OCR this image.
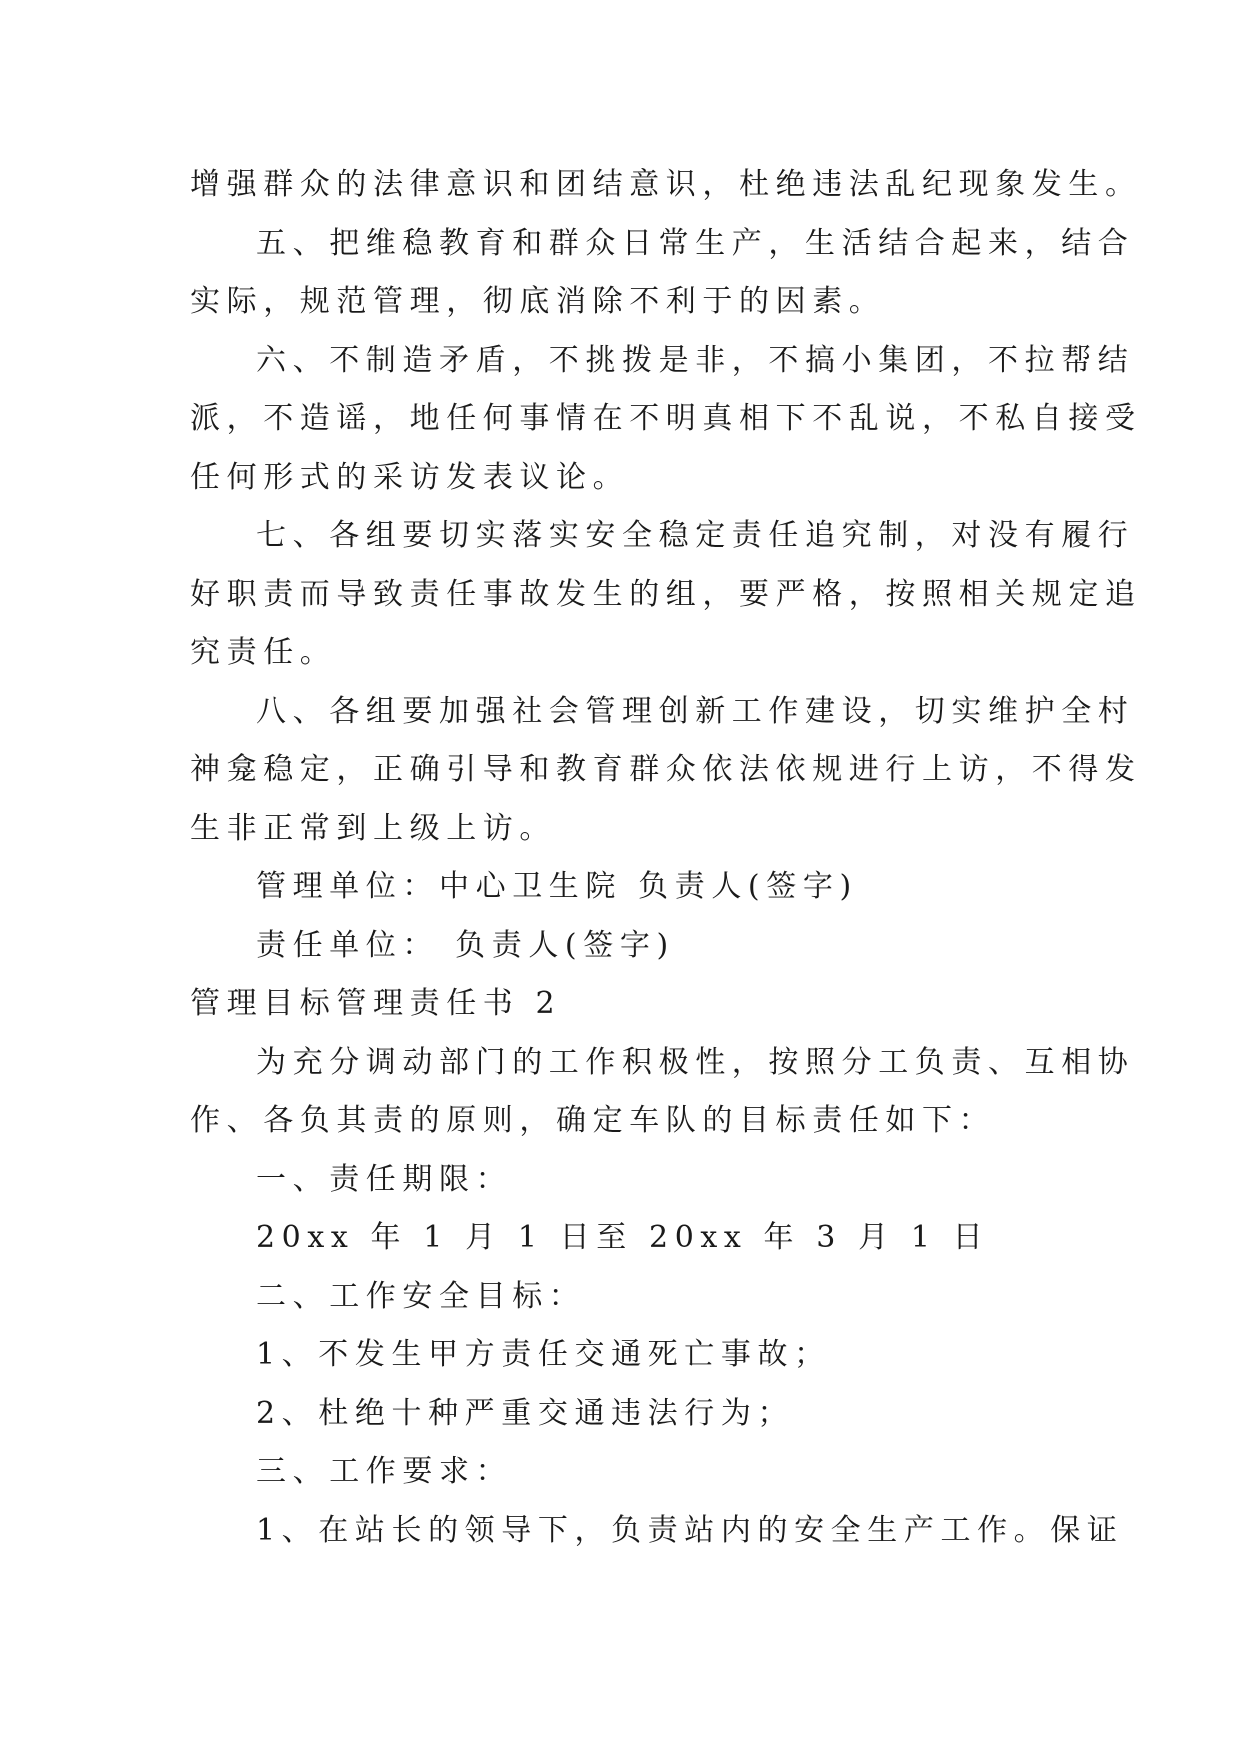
增强群众的法律意识和团结意识，杜绝违法乱纪现象发生。
五、把维稳教育和群众日常生产，生活结合起来，结合
实际，规范管理，彻底消除不利于的因素。
六、不制造矛盾，不挑拨是非，不搞小集团，不拉帮结
派，不造谣，地任何事情在不明真相下不乱说，不私自接受
任何形式的采访发表议论。
七、各组要切实落实安全稳定责任追究制，对没有履行
好职责而导致责任事故发生的组，要严格，按照相关规定追
究责任。
八、各组要加强社会管理创新工作建设，切实维护全村
神龛稳定，正确引导和教育群众依法依规进行上访，不得发
生非正常到上级上访。
管理单位：中心卫生院 负责人(签字)
责任单位： 负责人(签字)
管理目标管理责任书 2
为充分调动部门的工作积极性，按照分工负责、互相协
作、各负其责的原则，确定车队的目标责任如下：
一、责任期限：
20xx 年 1 月 1 日至 20xx 年 3 月 1 日
二、工作安全目标：
1、不发生甲方责任交通死亡事故；
2、杜绝十种严重交通违法行为；
三、工作要求：
1、在站长的领导下，负责站内的安全生产工作。保证
